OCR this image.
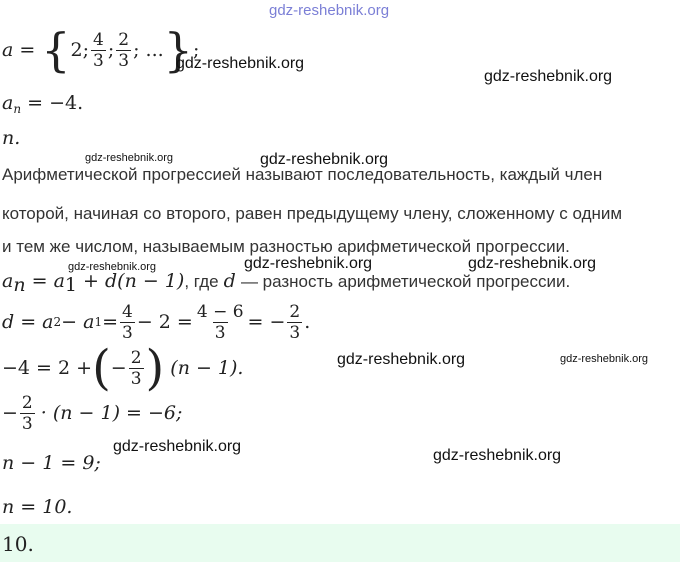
gdz-reshebnik.org
a = { 2; $\frac{4}{3}$ ; $\frac{2}{3}$ ; ... } ;
gdz-reshebnik.org
gdz-reshebnik.org
$a_n = -4$.
n.
gdz-reshebnik.org	gdz-reshebnik.org
Арифметической прогрессией называют последовательность, каждый член
которой, начиная со второго, равен предыдущему члену, сложенному с одним
и тем же числом, называемым разностью арифметической прогрессии.
gdz-reshebnik.org	gdz-reshebnik.org	gdz-reshebnik.org
$a_n = a_1 + d(n - 1)$, где d — разность арифметической прогрессии.
d = a 2 − a $1 = \frac{4}{3} - 2 = \frac{4 - 6}{3}$ = − $\frac{2}{3}$ .
−4 = 2 + ( − $\frac{2}{3}$ ) (n − 1).	gdz-reshebnik.org	gdz-reshebnik.org
− $\frac{2}{3} \cdot (n - 1) = -6$;
gdz-reshebnik.org
gdz-reshebnik.org
n − 1 = 9;
n = 10.
10.
